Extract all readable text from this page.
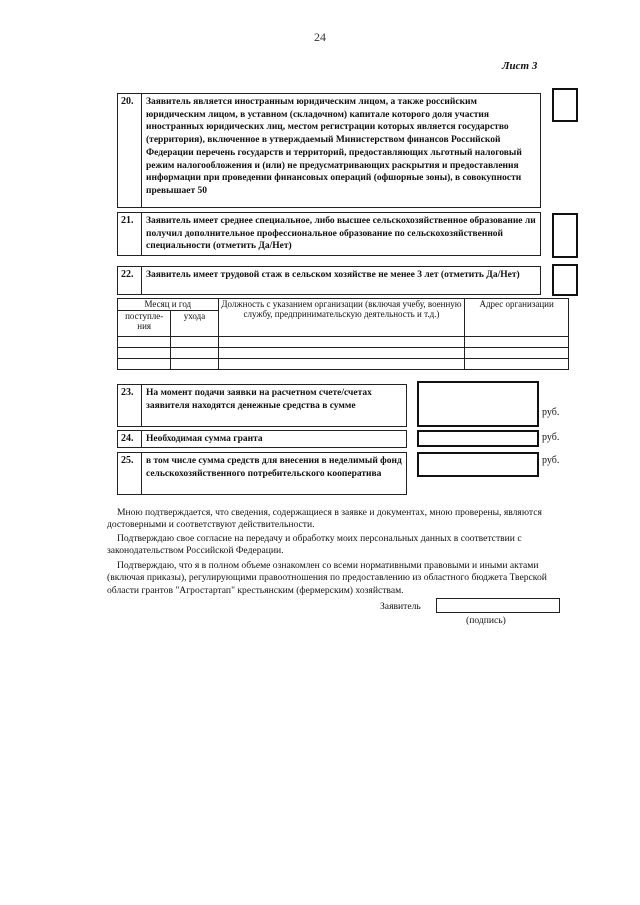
24
Лист 3
20.	Заявитель является иностранным юридическим лицом, а также российским юридическим лицом, в уставном (складочном) капитале которого доля участия иностранных юридических лиц, местом регистрации которых является государство (территория), включенное в утверждаемый Министерством финансов Российской Федерации перечень государств и территорий, предоставляющих льготный налоговый режим налогообложения и (или) не предусматривающих раскрытия и предоставления информации при проведении финансовых операций (офшорные зоны), в совокупности превышает 50
21.	Заявитель имеет среднее специальное, либо высшее сельскохозяйственное образование ли получил дополнительное профессиональное образование по сельскохозяйственной специальности (отметить Да/Нет)
22.	Заявитель имеет трудовой стаж в сельском хозяйстве не менее 3 лет (отметить Да/Нет)
Месяц и год		Должность с указанием организации (включая учебу, военную службу, предпринимательскую деятельность и т.д.)	Адрес организации
поступле-ния	ухода		

23.	На момент подачи заявки на расчетном счете/счетах заявителя находятся денежные средства в сумме
руб.
24.	Необходимая сумма гранта	руб.
25.	в том числе сумма средств для внесения в неделимый фонд сельскохозяйственного потребительского кооператива
руб.
Мною подтверждается, что сведения, содержащиеся в заявке и документах, мною проверены, являются достоверными и соответствуют действительности.
Подтверждаю свое согласие на передачу и обработку моих персональных данных в соответствии с законодательством Российской Федерации.
Подтверждаю, что я в полном объеме ознакомлен со всеми нормативными правовыми и иными актами (включая приказы), регулирующими правоотношения по предоставлению из областного бюджета Тверской области грантов "Агростартап" крестьянским (фермерским) хозяйствам.
Заявитель
(подпись)
